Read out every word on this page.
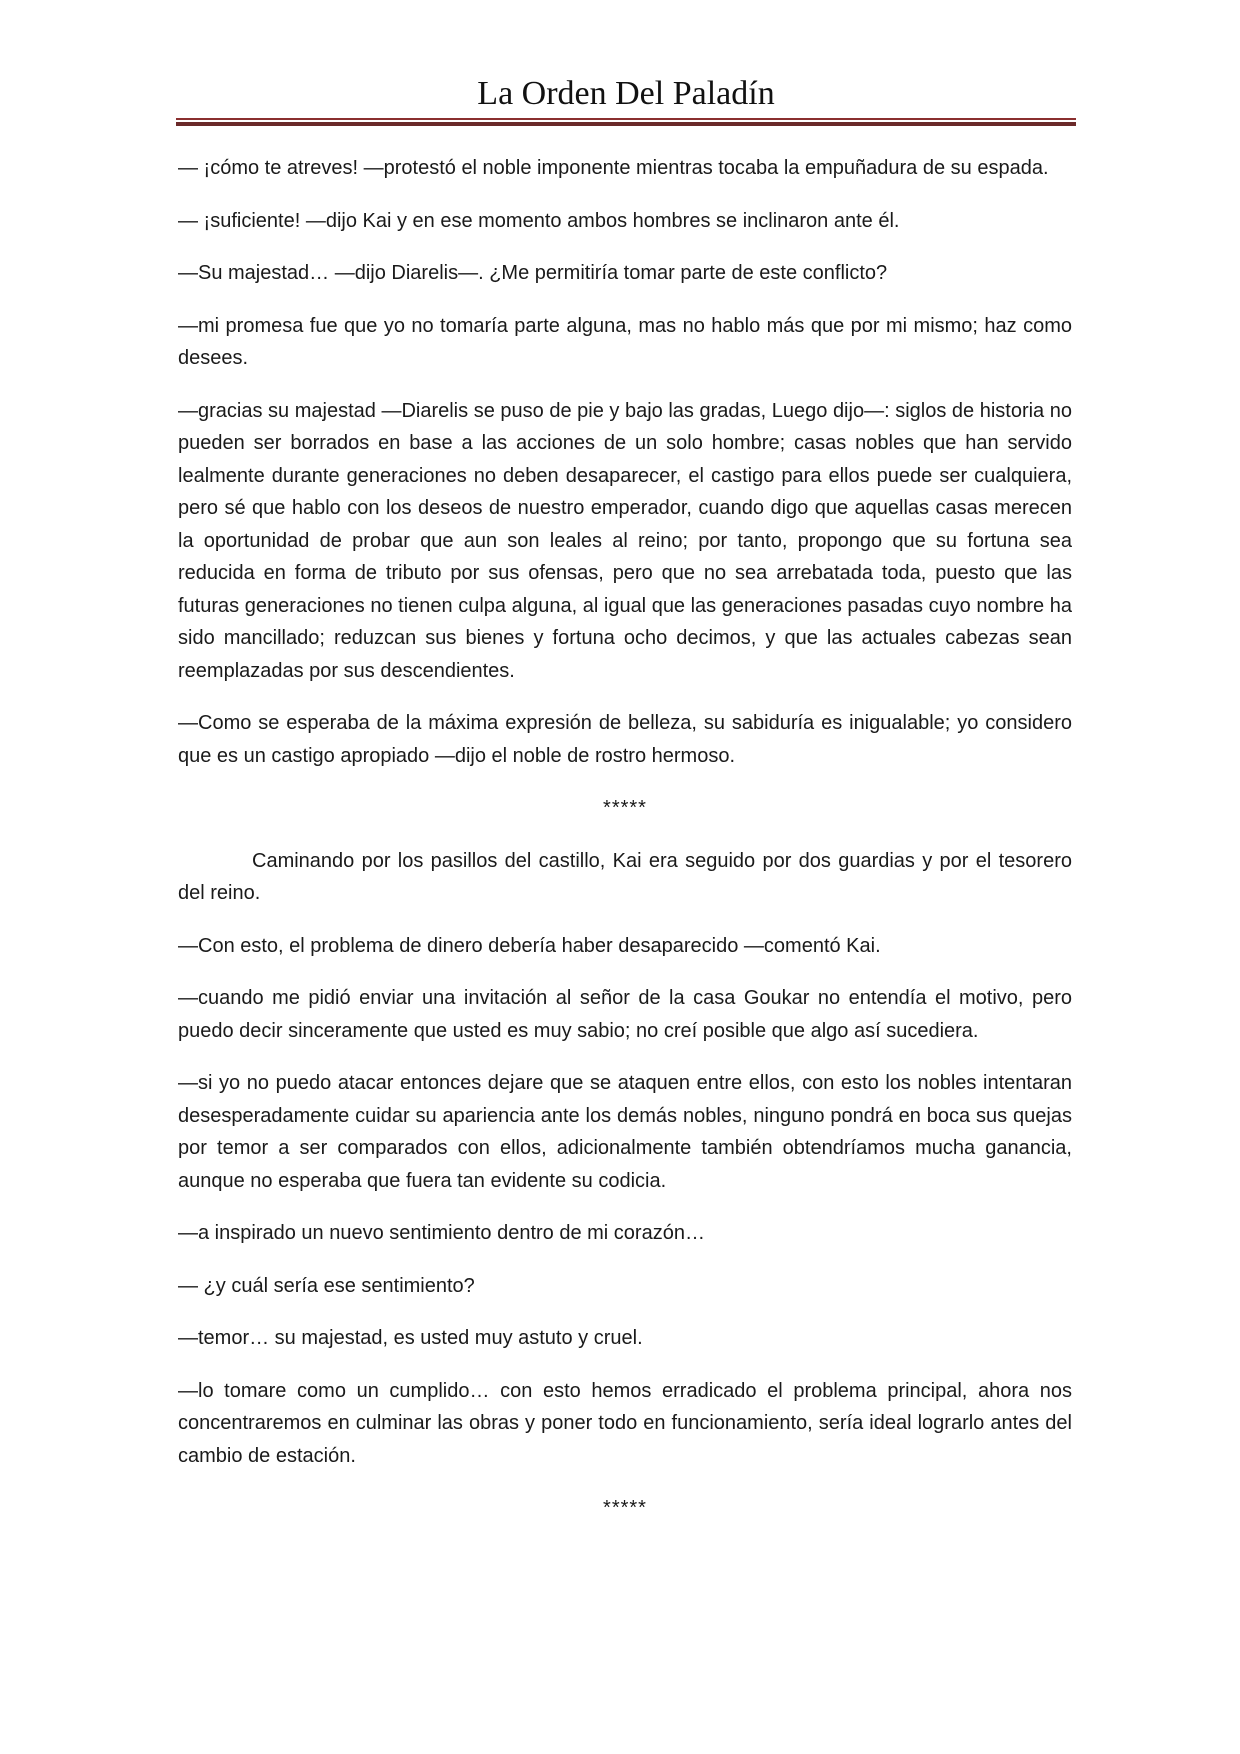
La Orden Del Paladín

— ¡cómo te atreves! —protestó el noble imponente mientras tocaba la empuñadura de su espada.

— ¡suficiente! —dijo Kai y en ese momento ambos hombres se inclinaron ante él.

—Su majestad… —dijo Diarelis—. ¿Me permitiría tomar parte de este conflicto?

—mi promesa fue que yo no tomaría parte alguna, mas no hablo más que por mi mismo; haz como desees.

—gracias su majestad —Diarelis se puso de pie y bajo las gradas, Luego dijo—: siglos de historia no pueden ser borrados en base a las acciones de un solo hombre; casas nobles que han servido lealmente durante generaciones no deben desaparecer, el castigo para ellos puede ser cualquiera, pero sé que hablo con los deseos de nuestro emperador, cuando digo que aquellas casas merecen la oportunidad de probar que aun son leales al reino; por tanto, propongo que su fortuna sea reducida en forma de tributo por sus ofensas, pero que no sea arrebatada toda, puesto que las futuras generaciones no tienen culpa alguna, al igual que las generaciones pasadas cuyo nombre ha sido mancillado; reduzcan sus bienes y fortuna ocho decimos, y que las actuales cabezas sean reemplazadas por sus descendientes.

—Como se esperaba de la máxima expresión de belleza, su sabiduría es inigualable; yo considero que es un castigo apropiado —dijo el noble de rostro hermoso.

*****

Caminando por los pasillos del castillo, Kai era seguido por dos guardias y por el tesorero del reino.

—Con esto, el problema de dinero debería haber desaparecido —comentó Kai.

—cuando me pidió enviar una invitación al señor de la casa Goukar no entendía el motivo, pero puedo decir sinceramente que usted es muy sabio; no creí posible que algo así sucediera.

—si yo no puedo atacar entonces dejare que se ataquen entre ellos, con esto los nobles intentaran desesperadamente cuidar su apariencia ante los demás nobles, ninguno pondrá en boca sus quejas por temor a ser comparados con ellos, adicionalmente también obtendríamos mucha ganancia, aunque no esperaba que fuera tan evidente su codicia.

—a inspirado un nuevo sentimiento dentro de mi corazón…

— ¿y cuál sería ese sentimiento?

—temor… su majestad, es usted muy astuto y cruel.

—lo tomare como un cumplido… con esto hemos erradicado el problema principal, ahora nos concentraremos en culminar las obras y poner todo en funcionamiento, sería ideal lograrlo antes del cambio de estación.

*****
